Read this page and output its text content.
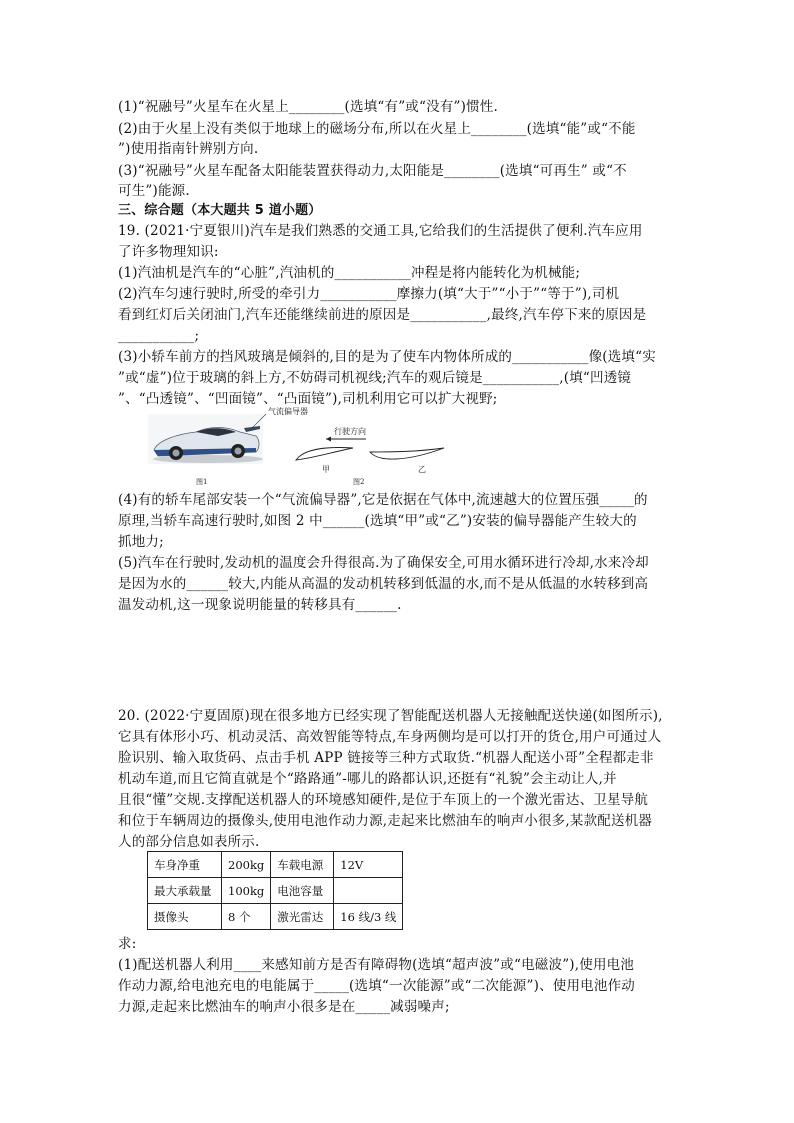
(1)“祝融号”火星车在火星上________(选填“有”或“没有”)惯性.
(2)由于火星上没有类似于地球上的磁场分布,所以在火星上________(选填“能”或“不能
”)使用指南针辨别方向.
(3)“祝融号”火星车配备太阳能装置获得动力,太阳能是________(选填“可再生” 或“不
可生”)能源.
三、综合题（本大题共 5 道小题）
19. (2021·宁夏银川)汽车是我们熟悉的交通工具,它给我们的生活提供了便利.汽车应用
了许多物理知识:
(1)汽油机是汽车的“心脏”,汽油机的___________冲程是将内能转化为机械能;
(2)汽车匀速行驶时,所受的牵引力___________摩擦力(填“大于”“小于”“等于”),司机
看到红灯后关闭油门,汽车还能继续前进的原因是___________,最终,汽车停下来的原因是
___________;
(3)小轿车前方的挡风玻璃是倾斜的,目的是为了使车内物体所成的___________像(选填“实
”或“虚”)位于玻璃的斜上方,不妨碍司机视线;汽车的观后镜是___________,(填“凹透镜
”、“凸透镜”、“凹面镜”、“凸面镜”),司机利用它可以扩大视野;
气流偏导器
图1
行驶方向
甲	乙
图2
(4)有的轿车尾部安装一个“气流偏导器”,它是依据在气体中,流速越大的位置压强_____的
原理,当轿车高速行驶时,如图 2 中______(选填“甲”或“乙”)安装的偏导器能产生较大的
抓地力;
(5)汽车在行驶时,发动机的温度会升得很高.为了确保安全,可用水循环进行冷却,水来冷却
是因为水的______较大,内能从高温的发动机转移到低温的水,而不是从低温的水转移到高
温发动机,这一现象说明能量的转移具有______.
20. (2022·宁夏固原)现在很多地方已经实现了智能配送机器人无接触配送快递(如图所示),
它具有体形小巧、机动灵活、高效智能等特点,车身两侧均是可以打开的货仓,用户可通过人
脸识别、输入取货码、点击手机 APP 链接等三种方式取货.“机器人配送小哥”全程都走非
机动车道,而且它简直就是个“路路通”-哪儿的路都认识,还挺有“礼貌”会主动让人,并
且很“懂”交规.支撑配送机器人的环境感知硬件,是位于车顶上的一个激光雷达、卫星导航
和位于车辆周边的摄像头,使用电池作动力源,走起来比燃油车的响声小很多,某款配送机器
人的部分信息如表所示.
车身净重	200kg	车载电源	12V
最大承载量	100kg	电池容量	
摄像头	8 个	激光雷达	16 线/3 线
求:
(1)配送机器人利用____来感知前方是否有障碍物(选填“超声波”或“电磁波”),使用电池
作动力源,给电池充电的电能属于_____(选填“一次能源”或“二次能源”)、使用电池作动
力源,走起来比燃油车的响声小很多是在_____减弱噪声;
